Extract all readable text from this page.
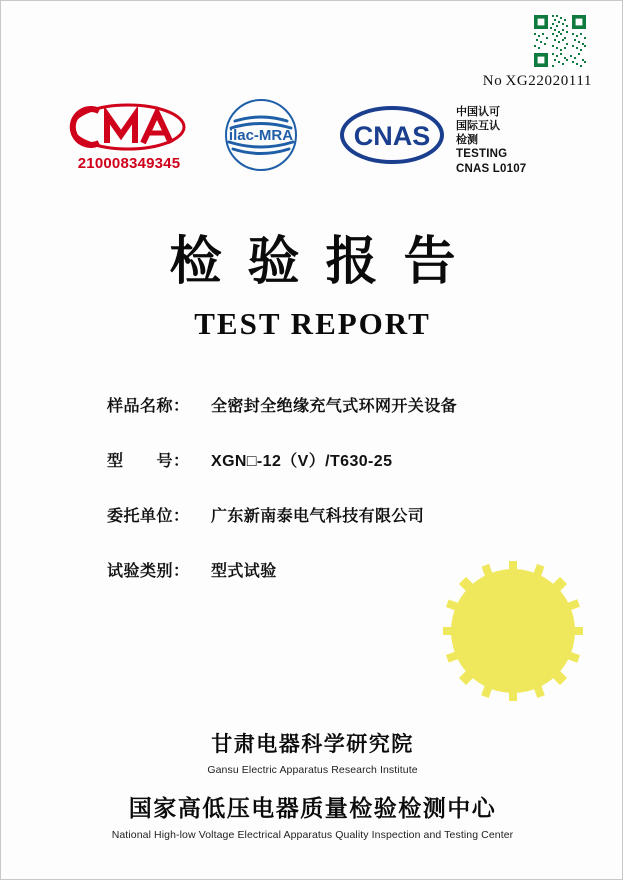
No XG22020111
210008349345
ilac-MRA CNAS
中国认可
国际互认
检测
TESTING
CNAS L0107
检验报告
TEST REPORT
样品名称：	全密封全绝缘充气式环网开关设备
型　　号：	XGN□-12（V）/T630-25
委托单位：	广东新南泰电气科技有限公司
试验类别：	型式试验
甘肃电器科学研究院
Gansu Electric Apparatus Research Institute
国家高低压电器质量检验检测中心
National High-low Voltage Electrical Apparatus Quality Inspection and Testing Center
